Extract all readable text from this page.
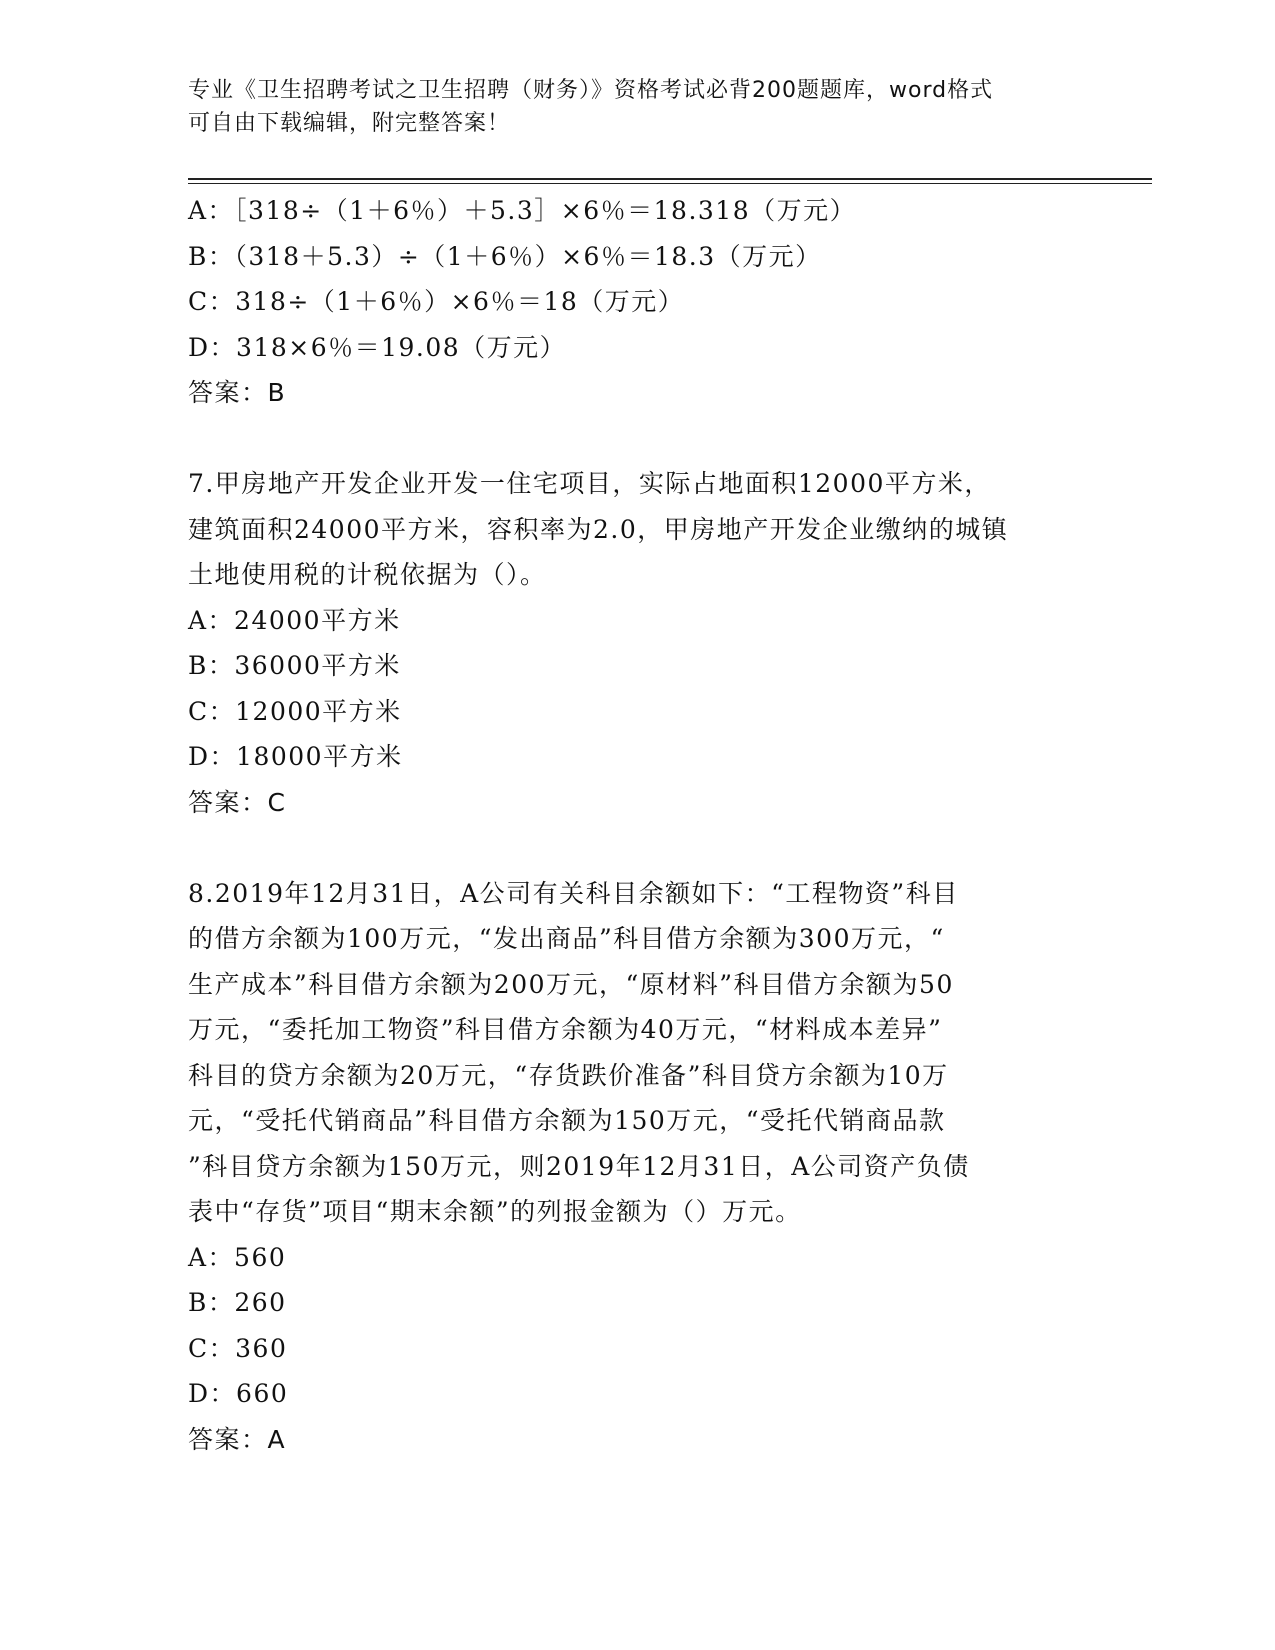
专业《卫生招聘考试之卫生招聘（财务）》资格考试必背200题题库，word格式
可自由下载编辑，附完整答案！
A：［318÷（1＋6％）＋5.3］×6％＝18.318（万元）
B：（318＋5.3）÷（1＋6％）×6％＝18.3（万元）
C：318÷（1＋6％）×6％＝18（万元）
D：318×6％＝19.08（万元）
答案：B
7.甲房地产开发企业开发一住宅项目，实际占地面积12000平方米，
建筑面积24000平方米，容积率为2.0，甲房地产开发企业缴纳的城镇
土地使用税的计税依据为（）。
A：24000平方米
B：36000平方米
C：12000平方米
D：18000平方米
答案：C
8.2019年12月31日，A公司有关科目余额如下：“工程物资”科目
的借方余额为100万元，“发出商品”科目借方余额为300万元，“
生产成本”科目借方余额为200万元，“原材料”科目借方余额为50
万元，“委托加工物资”科目借方余额为40万元，“材料成本差异”
科目的贷方余额为20万元，“存货跌价准备”科目贷方余额为10万
元，“受托代销商品”科目借方余额为150万元，“受托代销商品款
”科目贷方余额为150万元，则2019年12月31日，A公司资产负债
表中“存货”项目“期末余额”的列报金额为（）万元。
A：560
B：260
C：360
D：660
答案：A
